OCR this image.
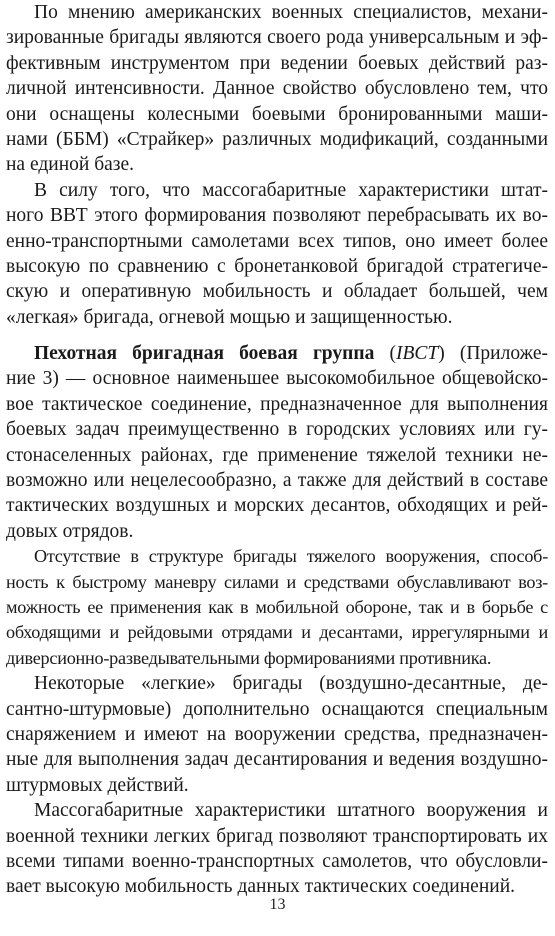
По мнению американских военных специалистов, механи-
зированные бригады являются своего рода универсальным и эф-
фективным инструментом при ведении боевых действий раз-
личной интенсивности. Данное свойство обусловлено тем, что
они оснащены колесными боевыми бронированными маши-
нами (ББМ) «Страйкер» различных модификаций, созданными
на единой базе.
В силу того, что массогабаритные характеристики штат-
ного ВВТ этого формирования позволяют перебрасывать их во-
енно-транспортными самолетами всех типов, оно имеет более
высокую по сравнению с бронетанковой бригадой стратегиче-
скую и оперативную мобильность и обладает большей, чем
«легкая» бригада, огневой мощью и защищенностью.
Пехотная бригадная боевая группа (IBCT) (Приложе-
ние 3) — основное наименьшее высокомобильное общевойско-
вое тактическое соединение, предназначенное для выполнения
боевых задач преимущественно в городских условиях или гу-
стонаселенных районах, где применение тяжелой техники не-
возможно или нецелесообразно, а также для действий в составе
тактических воздушных и морских десантов, обходящих и рей-
довых отрядов.
Отсутствие в структуре бригады тяжелого вооружения, способ-
ность к быстрому маневру силами и средствами обуславливают воз-
можность ее применения как в мобильной обороне, так и в борьбе с
обходящими и рейдовыми отрядами и десантами, иррегулярными и
диверсионно-разведывательными формированиями противника.
Некоторые «легкие» бригады (воздушно-десантные, де-
сантно-штурмовые) дополнительно оснащаются специальным
снаряжением и имеют на вооружении средства, предназначен-
ные для выполнения задач десантирования и ведения воздушно-
штурмовых действий.
Массогабаритные характеристики штатного вооружения и
военной техники легких бригад позволяют транспортировать их
всеми типами военно-транспортных самолетов, что обусловли-
вает высокую мобильность данных тактических соединений.
13
